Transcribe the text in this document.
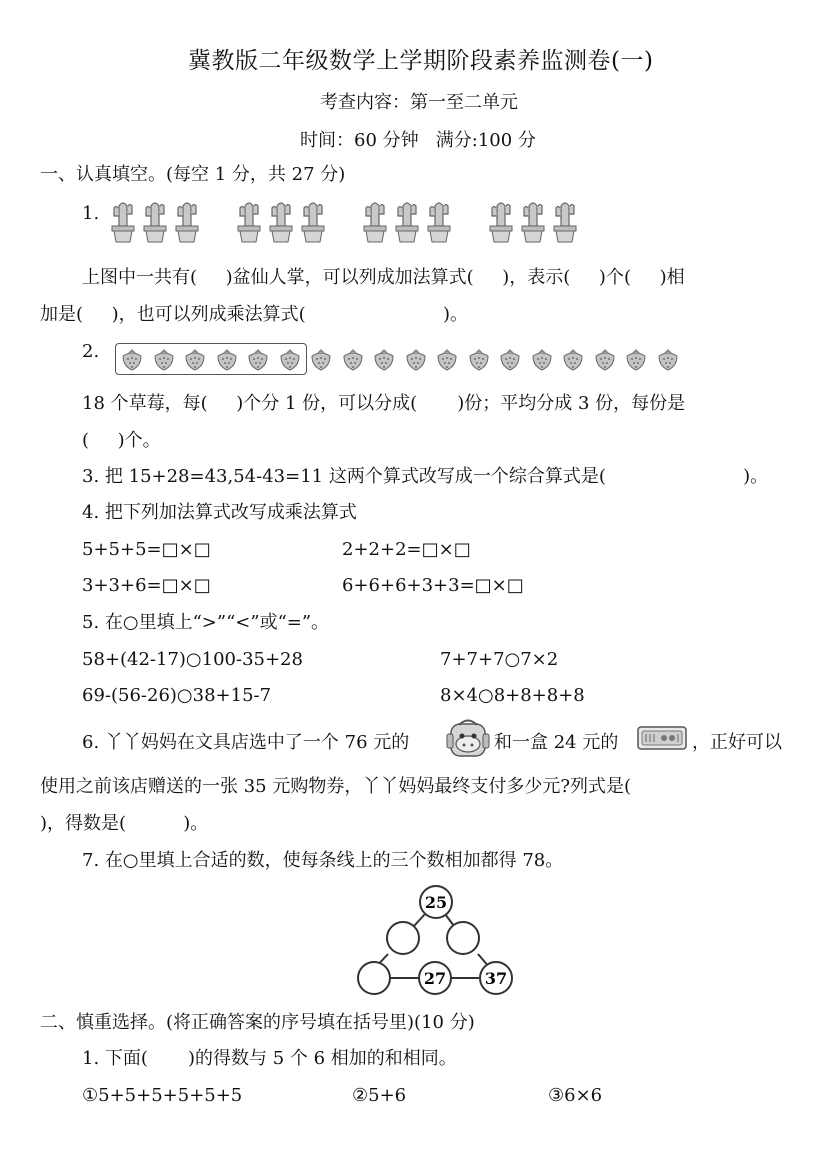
冀教版二年级数学上学期阶段素养监测卷(一)
考查内容：第一至二单元
时间：60 分钟   满分:100 分
一、认真填空。(每空 1 分，共 27 分)
1.
上图中一共有(     )盆仙人掌，可以列成加法算式(     )，表示(     )个(     )相
加是(     )，也可以列成乘法算式(                        )。
2.
18 个草莓，每(     )个分 1 份，可以分成(       )份；平均分成 3 份，每份是
(     )个。
3. 把 15+28=43,54-43=11 这两个算式改写成一个综合算式是(                        )。
4. 把下列加法算式改写成乘法算式
5+5+5=□×□	2+2+2=□×□
3+3+6=□×□	6+6+6+3+3=□×□
5. 在○里填上“>”“<”或“=”。
58+(42-17)○100-35+28	7+7+7○7×2
69-(56-26)○38+15-7	8×4○8+8+8+8
6. 丫丫妈妈在文具店选中了一个 76 元的	和一盒 24 元的	，正好可以
使用之前该店赠送的一张 35 元购物券，丫丫妈妈最终支付多少元?列式是(
)，得数是(          )。
7. 在○里填上合适的数，使每条线上的三个数相加都得 78。
25
27 37
二、慎重选择。(将正确答案的序号填在括号里)(10 分)
1. 下面(       )的得数与 5 个 6 相加的和相同。
①5+5+5+5+5+5	②5+6	③6×6
